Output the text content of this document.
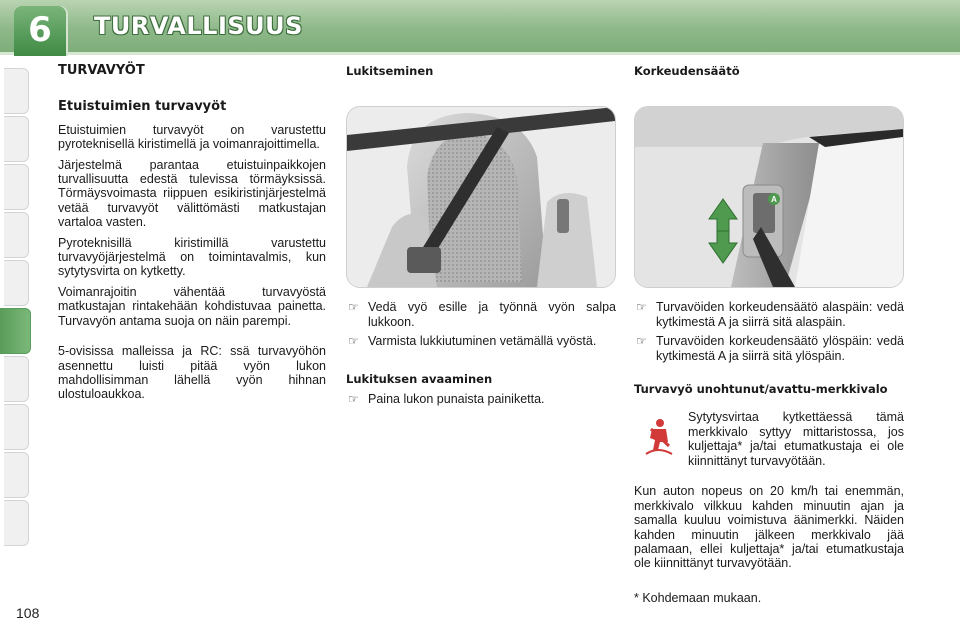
6	TURVALLISUUS
108
TURVAVYÖT
Etuistuimien turvavyöt

Etuistuimien turvavyöt on varustettu pyroteknisellä kiristimellä ja voimanrajoittimella.

Järjestelmä parantaa etuistuinpaikkojen turvallisuutta edestä tulevissa törmäyksissä. Törmäysvoimasta riippuen esikiristinjärjestelmä vetää turvavyöt välittömästi matkustajan vartaloa vasten.

Pyroteknisillä kiristimillä varustettu turvavyöjärjestelmä on toimintavalmis, kun sytytysvirta on kytketty.

Voimanrajoitin vähentää turvavyöstä matkustajan rintakehään kohdistuvaa painetta. Turvavyön antama suoja on näin parempi.

5-ovisissa malleissa ja RC: ssä turvavyöhön asennettu luisti pitää vyön lukon mahdollisimman lähellä vyön hihnan ulostuloaukkoa.

Lukitseminen
☞ Vedä vyö esille ja työnnä vyön salpa lukkoon.
☞ Varmista lukkiutuminen vetämällä vyöstä.
Lukituksen avaaminen
☞ Paina lukon punaista painiketta.
Korkeudensäätö
A
☞ Turvavöiden korkeudensäätö alaspäin: vedä kytkimestä A ja siirrä sitä alaspäin.
☞ Turvavöiden korkeudensäätö ylöspäin: vedä kytkimestä A ja siirrä sitä ylöspäin.
Turvavyö unohtunut/avattu-merkkivalo
Sytytysvirtaa kytkettäessä tämä merkkivalo syttyy mittaristossa, jos kuljettaja* ja/tai etumatkustaja ei ole kiinnittänyt turvavyötään.

Kun auton nopeus on 20 km/h tai enemmän, merkkivalo vilkkuu kahden minuutin ajan ja samalla kuuluu voimistuva äänimerkki. Näiden kahden minuutin jälkeen merkkivalo jää palamaan, ellei kuljettaja* ja/tai etumatkustaja ole kiinnittänyt turvavyötään.

* Kohdemaan mukaan.
